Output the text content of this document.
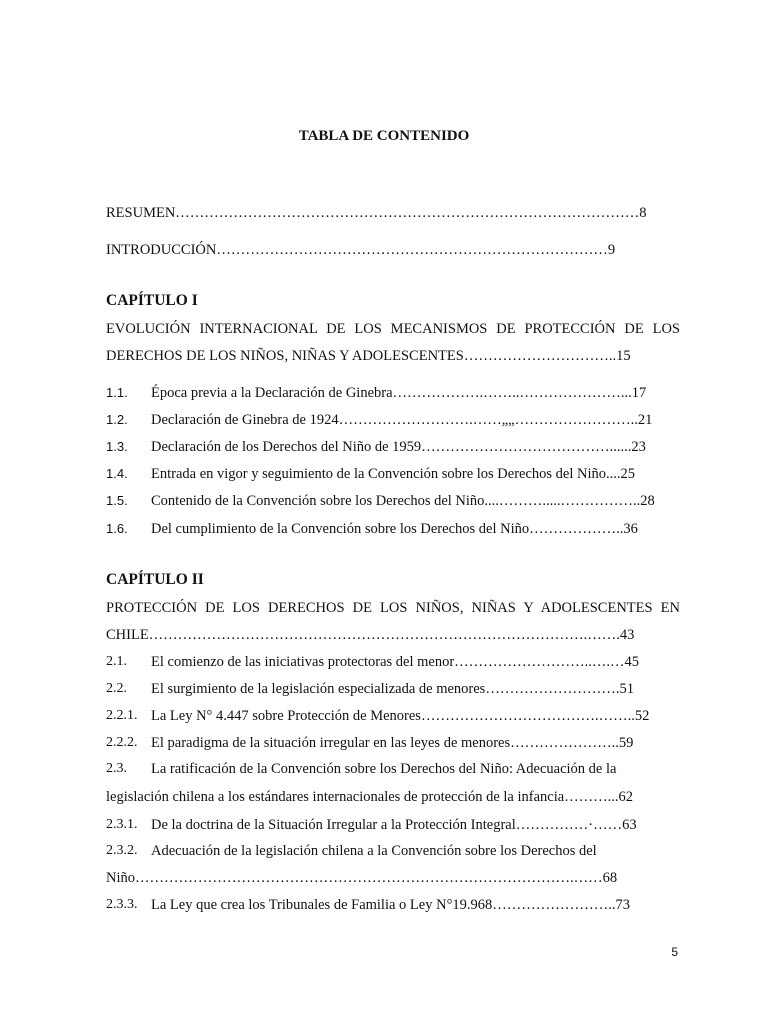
TABLA DE CONTENIDO
RESUMEN……………………………………………………………………………………8
INTRODUCCIÓN………………………………………………………………………9
CAPÍTULO I
EVOLUCIÓN INTERNACIONAL DE LOS MECANISMOS DE PROTECCIÓN DE LOS
DERECHOS DE LOS NIÑOS, NIÑAS Y ADOLESCENTES…………………………..15
1.1. Época previa a la Declaración de Ginebra……………….……..…………………...17
1.2. Declaración de Ginebra de 1924……………………….……„„……………………..21
1.3. Declaración de los Derechos del Niño de 1959…………………………………......23
1.4. Entrada en vigor y seguimiento de la Convención sobre los Derechos del Niño....25
1.5. Contenido de la Convención sobre los Derechos del Niño....……….....……………..28
1.6. Del cumplimiento de la Convención sobre los Derechos del Niño………………..36
CAPÍTULO II
PROTECCIÓN DE LOS DERECHOS DE LOS NIÑOS, NIÑAS Y ADOLESCENTES EN
CHILE……………………………………………………………………………….…….43
2.1. El comienzo de las iniciativas protectoras del menor………………………..….…45
2.2. El surgimiento de la legislación especializada de menores……………………….51
2.2.1. La Ley N° 4.447 sobre Protección de Menores……………………………….……..52
2.2.2. El paradigma de la situación irregular en las leyes de menores…………………..59
2.3. La ratificación de la Convención sobre los Derechos del Niño: Adecuación de la
legislación chilena a los estándares internacionales de protección de la infancia………...62
2.3.1. De la doctrina de la Situación Irregular a la Protección Integral……………·……63
2.3.2. Adecuación de la legislación chilena a la Convención sobre los Derechos del
Niño……………………………………………………………………………….……68
2.3.3. La Ley que crea los Tribunales de Familia o Ley N°19.968……………………..73
5
